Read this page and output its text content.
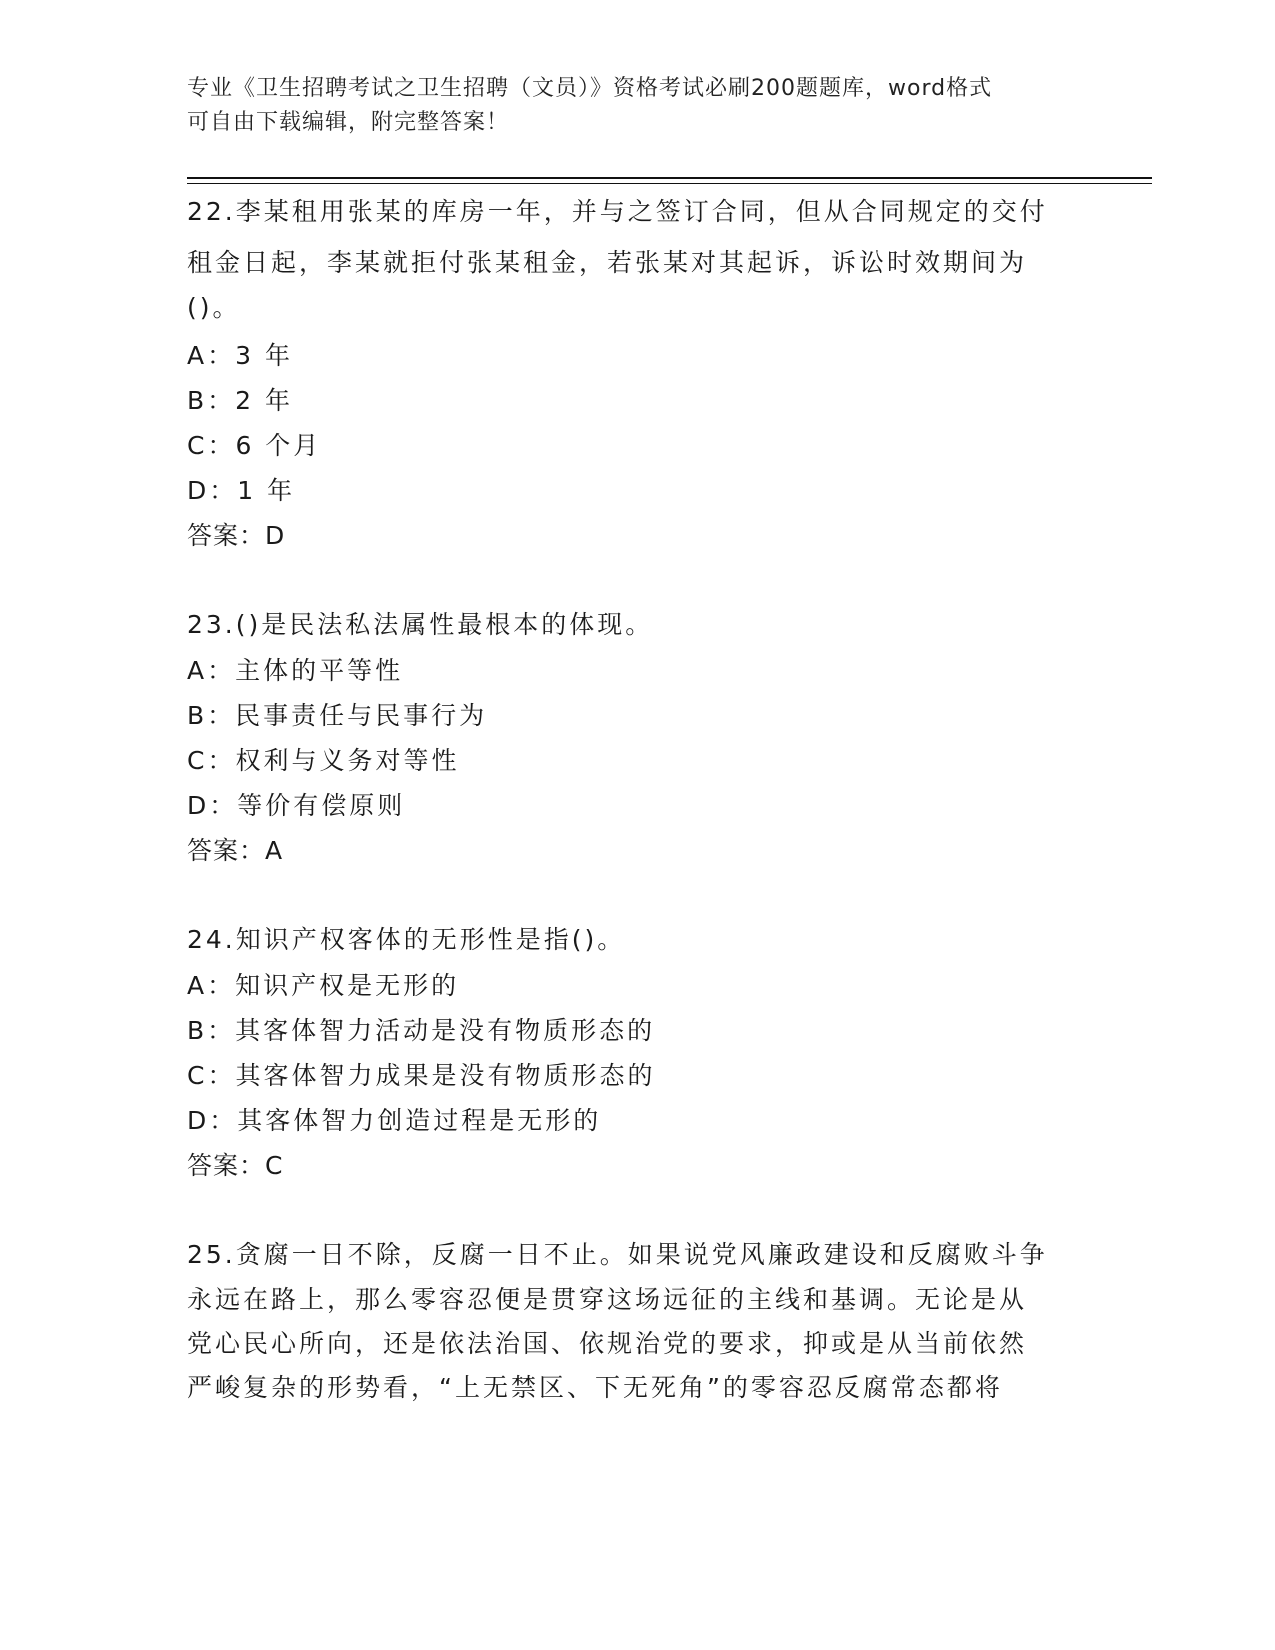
专业《卫生招聘考试之卫生招聘（文员）》资格考试必刷200题题库，word格式
可自由下载编辑，附完整答案！
22.李某租用张某的库房一年，并与之签订合同，但从合同规定的交付
租金日起，李某就拒付张某租金，若张某对其起诉，诉讼时效期间为
()。
A：3 年
B：2 年
C：6 个月
D：1 年
答案：D
23.()是民法私法属性最根本的体现。
A：主体的平等性
B：民事责任与民事行为
C：权利与义务对等性
D：等价有偿原则
答案：A
24.知识产权客体的无形性是指()。
A：知识产权是无形的
B：其客体智力活动是没有物质形态的
C：其客体智力成果是没有物质形态的
D：其客体智力创造过程是无形的
答案：C
25.贪腐一日不除，反腐一日不止。如果说党风廉政建设和反腐败斗争
永远在路上，那么零容忍便是贯穿这场远征的主线和基调。无论是从
党心民心所向，还是依法治国、依规治党的要求，抑或是从当前依然
严峻复杂的形势看，“上无禁区、下无死角”的零容忍反腐常态都将
